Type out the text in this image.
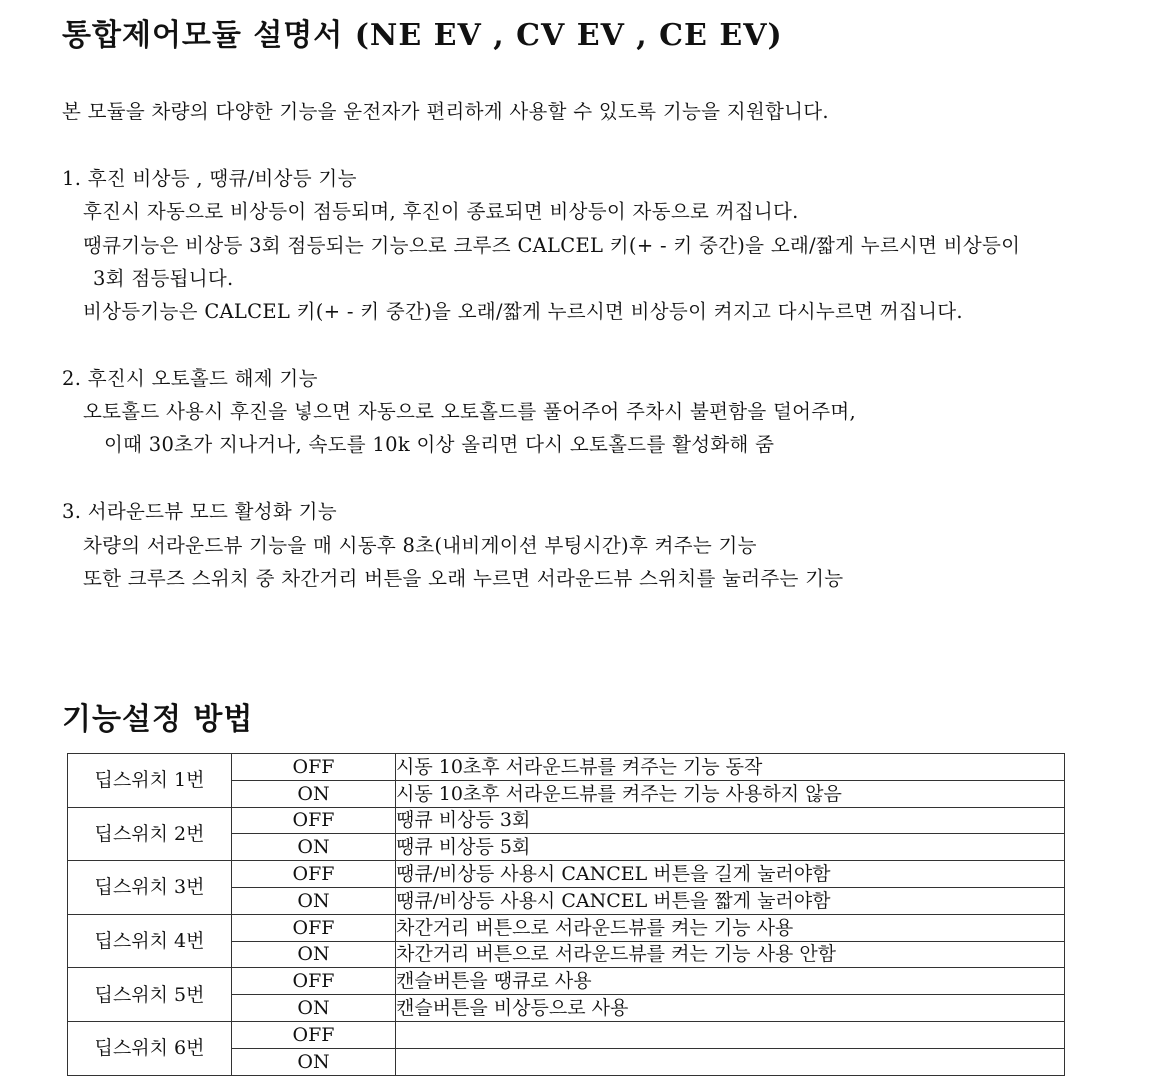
통합제어모듈 설명서 (NE EV , CV EV , CE EV)

본 모듈을 차량의 다양한 기능을 운전자가 편리하게 사용할 수 있도록 기능을 지원합니다.

1. 후진 비상등 , 땡큐/비상등 기능

후진시 자동으로 비상등이 점등되며, 후진이 종료되면 비상등이 자동으로 꺼집니다.

땡큐기능은 비상등 3회 점등되는 기능으로 크루즈 CALCEL 키(+ - 키 중간)을 오래/짧게 누르시면 비상등이

3회 점등됩니다.

비상등기능은 CALCEL 키(+ - 키 중간)을 오래/짧게 누르시면 비상등이 켜지고 다시누르면 꺼집니다.

2. 후진시 오토홀드 해제 기능

오토홀드 사용시 후진을 넣으면 자동으로 오토홀드를 풀어주어 주차시 불편함을 덜어주며,

이때 30초가 지나거나, 속도를 10k 이상 올리면 다시 오토홀드를 활성화해 줌

3. 서라운드뷰 모드 활성화 기능

차량의 서라운드뷰 기능을 매 시동후 8초(내비게이션 부팅시간)후 켜주는 기능

또한 크루즈 스위치 중 차간거리 버튼을 오래 누르면 서라운드뷰 스위치를 눌러주는 기능

기능설정 방법
딥스위치 1번	OFF	시동 10초후 서라운드뷰를 켜주는 기능 동작
	ON	시동 10초후 서라운드뷰를 켜주는 기능 사용하지 않음
딥스위치 2번	OFF	땡큐 비상등 3회
	ON	땡큐 비상등 5회
딥스위치 3번	OFF	땡큐/비상등 사용시 CANCEL 버튼을 길게 눌러야함
	ON	땡큐/비상등 사용시 CANCEL 버튼을 짧게 눌러야함
딥스위치 4번	OFF	차간거리 버튼으로 서라운드뷰를 켜는 기능 사용
	ON	차간거리 버튼으로 서라운드뷰를 켜는 기능 사용 안함
딥스위치 5번	OFF	캔슬버튼을 땡큐로 사용
	ON	캔슬버튼을 비상등으로 사용
딥스위치 6번	OFF	
	ON	
